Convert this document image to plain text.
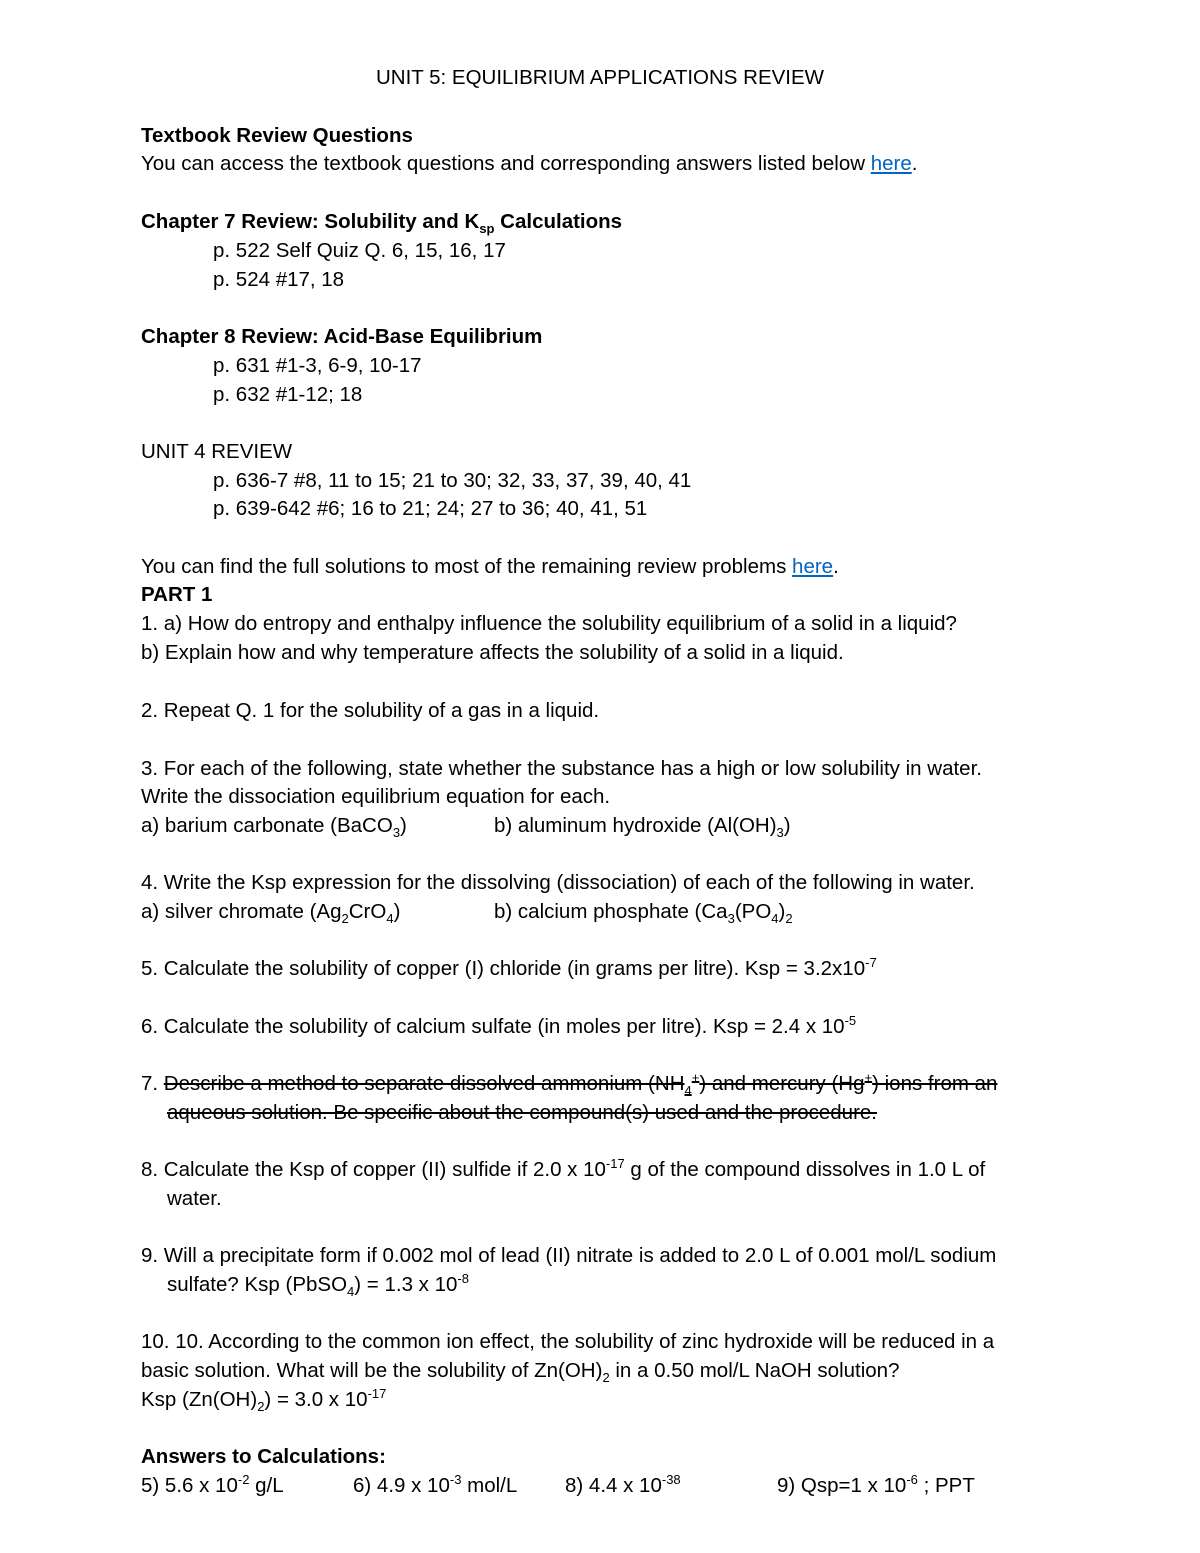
UNIT 5: EQUILIBRIUM APPLICATIONS REVIEW
Textbook Review Questions
You can access the textbook questions and corresponding answers listed below here.
Chapter 7 Review: Solubility and $K_{sp}$ Calculations
p. 522 Self Quiz Q. 6, 15, 16, 17
p. 524 #17, 18
Chapter 8 Review: Acid-Base Equilibrium
p. 631 #1-3, 6-9, 10-17
p. 632 #1-12; 18
UNIT 4 REVIEW
p. 636-7 #8, 11 to 15; 21 to 30; 32, 33, 37, 39, 40, 41
p. 639-642 #6; 16 to 21; 24; 27 to 36; 40, 41, 51
You can find the full solutions to most of the remaining review problems here.
PART 1
1. a) How do entropy and enthalpy influence the solubility equilibrium of a solid in a liquid?
b) Explain how and why temperature affects the solubility of a solid in a liquid.
2. Repeat Q. 1 for the solubility of a gas in a liquid.
3. For each of the following, state whether the substance has a high or low solubility in water.
Write the dissociation equilibrium equation for each.
a) barium carbonate (BaCO$_3$)	b) aluminum hydroxide $(Al(OH)_3)$
4. Write the Ksp expression for the dissolving (dissociation) of each of the following in water.
a) silver chromate $(Ag_2CrO_4)$	b) calcium phosphate ($Ca_3(PO_4)_2$
5. Calculate the solubility of copper (I) chloride (in grams per litre). Ksp = $3.2x10^{-7}$
6. Calculate the solubility of calcium sulfate (in moles per litre). Ksp = 2.4 x $10^{-5}$
7. Describe a method to separate dissolved ammonium $(NH_4^+)$ and mercury (Hg+) ions from an
aqueous solution. Be specific about the compound(s) used and the procedure.
8. Calculate the Ksp of copper (II) sulfide if 2.0 x $10^{-17}$ g of the compound dissolves in 1.0 L of
water.
9. Will a precipitate form if 0.002 mol of lead (II) nitrate is added to 2.0 L of 0.001 mol/L sodium
sulfate? Ksp (PbSO$_4$) = 1.3 x $10^{-8}$
10. 10. According to the common ion effect, the solubility of zinc hydroxide will be reduced in a
basic solution. What will be the solubility of $Zn(OH)_2$ in a 0.50 mol/L NaOH solution?
Ksp $(Zn(OH)_2) = 3.0$ x $10^{-17}$
Answers to Calculations:
5) 5.6 x $10^{-2}$ g/L	6) 4.9 x $10^{-3}$ mol/L 8) 4.4 x $10^{-38}$	9) Qsp=1 x $10^{-6}$ ; PPT
